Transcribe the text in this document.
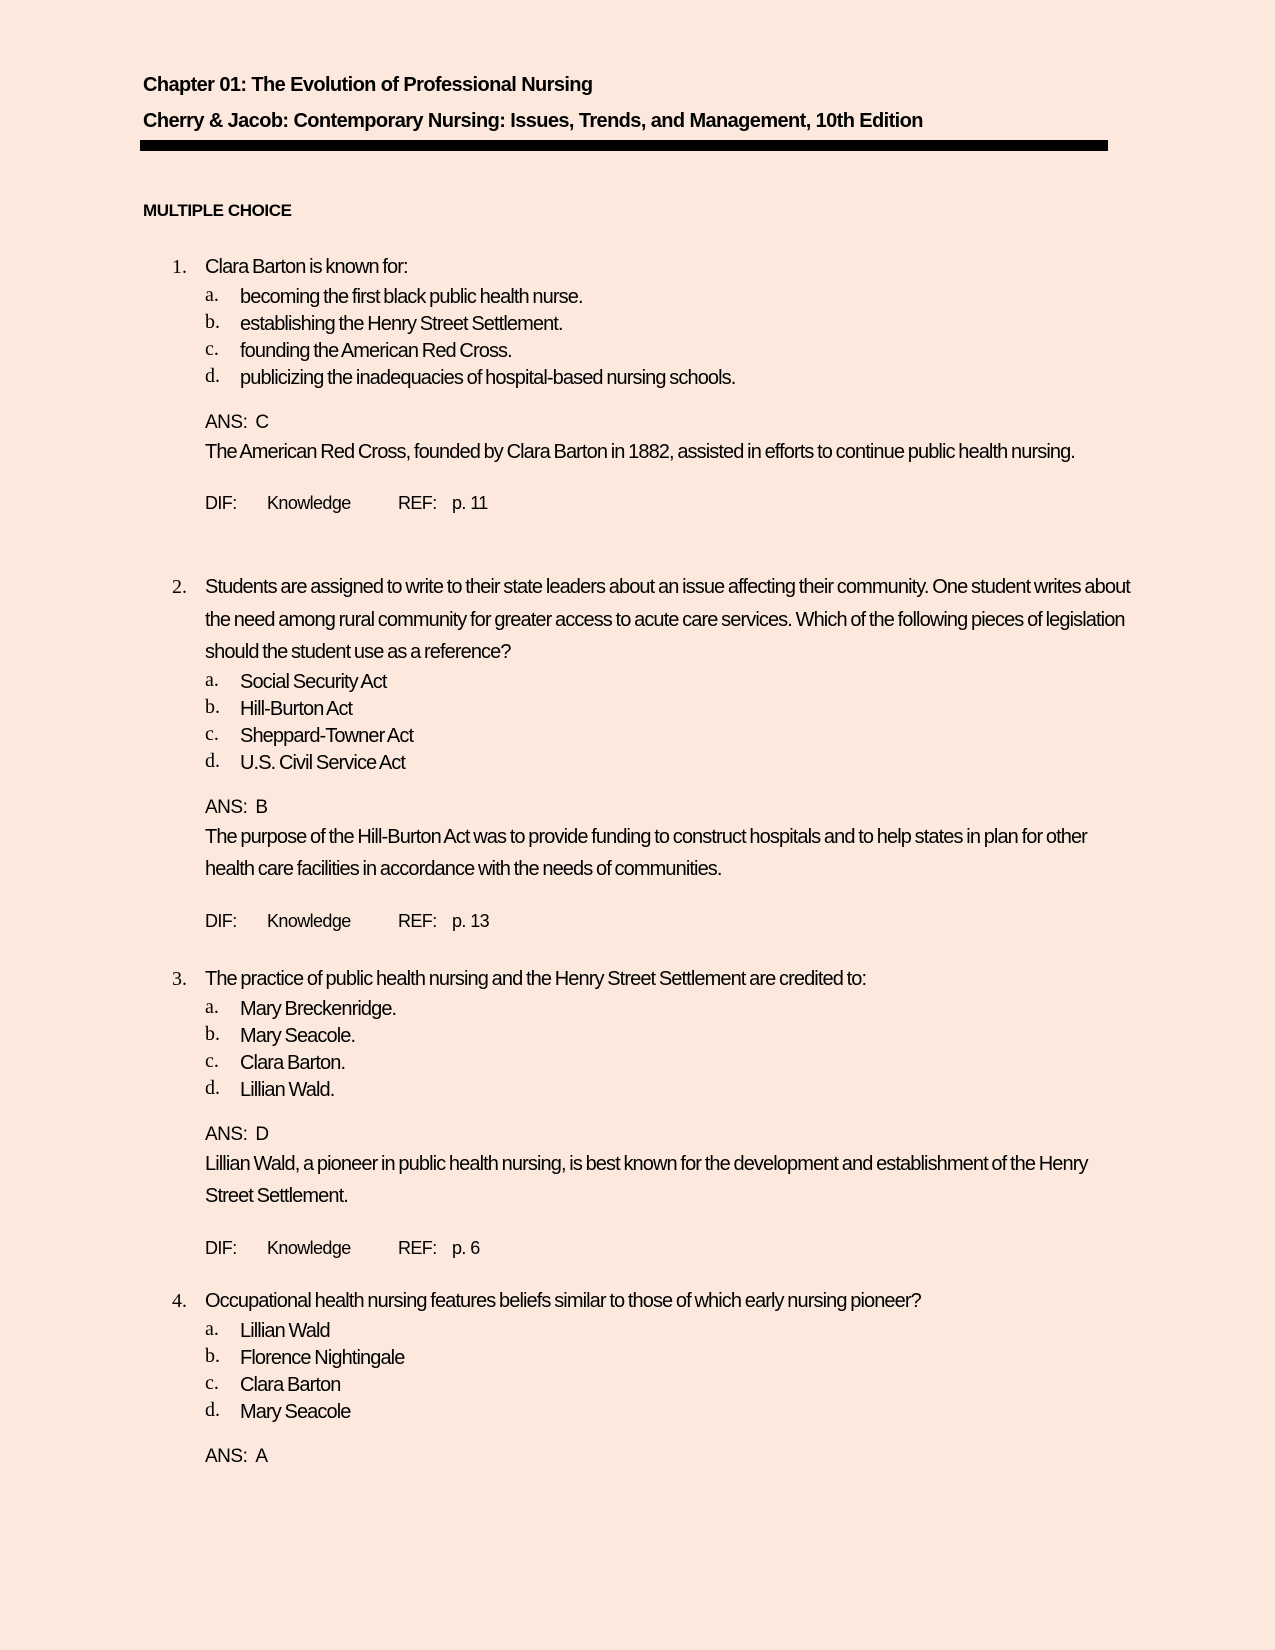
Chapter 01: The Evolution of Professional Nursing
Cherry & Jacob: Contemporary Nursing: Issues, Trends, and Management, 10th Edition
MULTIPLE CHOICE
1. Clara Barton is known for:
a. becoming the first black public health nurse.
b. establishing the Henry Street Settlement.
c. founding the American Red Cross.
d. publicizing the inadequacies of hospital-based nursing schools.
ANS: C
The American Red Cross, founded by Clara Barton in 1882, assisted in efforts to continue public health nursing.
DIF: Knowledge	REF: p. 11
2. Students are assigned to write to their state leaders about an issue affecting their community. One student writes about the need among rural community for greater access to acute care services. Which of the following pieces of legislation should the student use as a reference?
a. Social Security Act
b. Hill-Burton Act
c. Sheppard-Towner Act
d. U.S. Civil Service Act
ANS: B
The purpose of the Hill-Burton Act was to provide funding to construct hospitals and to help states in plan for other health care facilities in accordance with the needs of communities.
DIF: Knowledge	REF: p. 13
3. The practice of public health nursing and the Henry Street Settlement are credited to:
a. Mary Breckenridge.
b. Mary Seacole.
c. Clara Barton.
d. Lillian Wald.
ANS: D
Lillian Wald, a pioneer in public health nursing, is best known for the development and establishment of the Henry Street Settlement.
DIF: Knowledge	REF: p. 6
4. Occupational health nursing features beliefs similar to those of which early nursing pioneer?
a. Lillian Wald
b. Florence Nightingale
c. Clara Barton
d. Mary Seacole
ANS: A
